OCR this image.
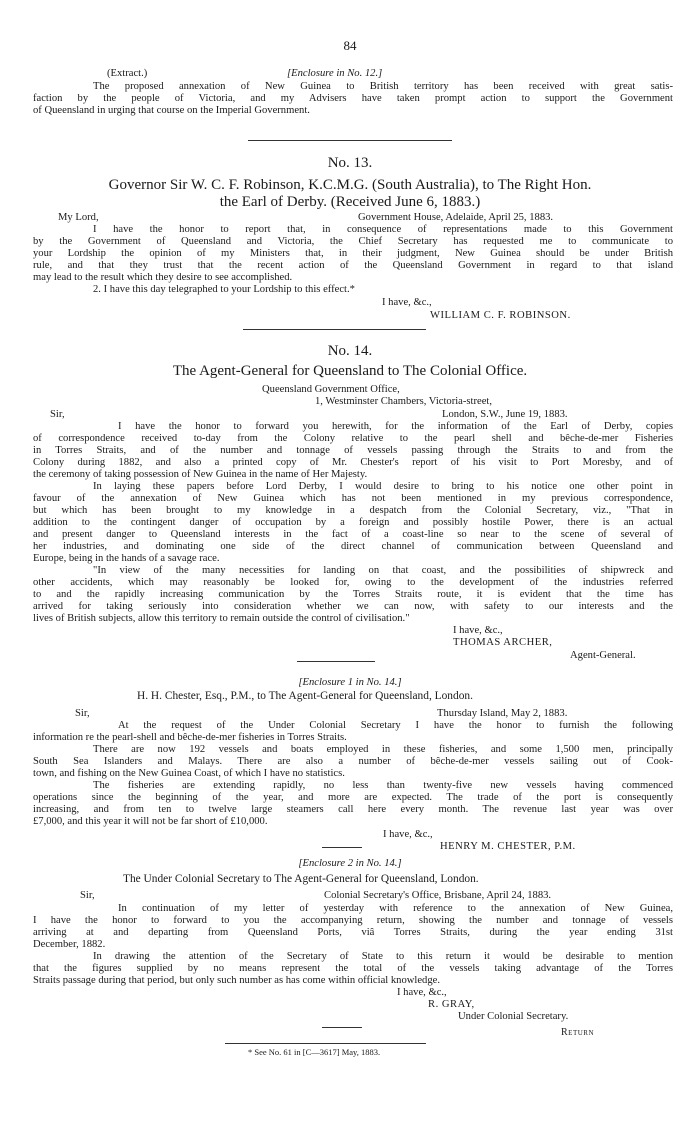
84
(Extract.)	[Enclosure in No. 12.]
The proposed annexation of New Guinea to British territory has been received with great satis-
faction by the people of Victoria, and my Advisers have taken prompt action to support the Government
of Queensland in urging that course on the Imperial Government.
No. 13.
Governor Sir W. C. F. Robinson, K.C.M.G. (South Australia), to The Right Hon.
the Earl of Derby. (Received June 6, 1883.)
My Lord,	Government House, Adelaide, April 25, 1883.
I have the honor to report that, in consequence of representations made to this Government
by the Government of Queensland and Victoria, the Chief Secretary has requested me to communicate to
your Lordship the opinion of my Ministers that, in their judgment, New Guinea should be under British
rule, and that they trust that the recent action of the Queensland Government in regard to that island
may lead to the result which they desire to see accomplished.
2. I have this day telegraphed to your Lordship to this effect.*
I have, &c.,
WILLIAM C. F. ROBINSON.
No. 14.
The Agent-General for Queensland to The Colonial Office.
Queensland Government Office,
1, Westminster Chambers, Victoria-street,
Sir,	London, S.W., June 19, 1883.
I have the honor to forward you herewith, for the information of the Earl of Derby, copies
of correspondence received to-day from the Colony relative to the pearl shell and bêche-de-mer Fisheries
in Torres Straits, and of the number and tonnage of vessels passing through the Straits to and from the
Colony during 1882, and also a printed copy of Mr. Chester's report of his visit to Port Moresby, and of
the ceremony of taking possession of New Guinea in the name of Her Majesty.
In laying these papers before Lord Derby, I would desire to bring to his notice one other point in
favour of the annexation of New Guinea which has not been mentioned in my previous correspondence,
but which has been brought to my knowledge in a despatch from the Colonial Secretary, viz., "That in
addition to the contingent danger of occupation by a foreign and possibly hostile Power, there is an actual
and present danger to Queensland interests in the fact of a coast-line so near to the scene of several of
her industries, and dominating one side of the direct channel of communication between Queensland and
Europe, being in the hands of a savage race.
"In view of the many necessities for landing on that coast, and the possibilities of shipwreck and
other accidents, which may reasonably be looked for, owing to the development of the industries referred
to and the rapidly increasing communication by the Torres Straits route, it is evident that the time has
arrived for taking seriously into consideration whether we can now, with safety to our interests and the
lives of British subjects, allow this territory to remain outside the control of civilisation."
I have, &c.,
THOMAS ARCHER,
Agent-General.
[Enclosure 1 in No. 14.]
H. H. Chester, Esq., P.M., to The Agent-General for Queensland, London.
Sir,	Thursday Island, May 2, 1883.
At the request of the Under Colonial Secretary I have the honor to furnish the following
information re the pearl-shell and bêche-de-mer fisheries in Torres Straits.
There are now 192 vessels and boats employed in these fisheries, and some 1,500 men, principally
South Sea Islanders and Malays. There are also a number of bêche-de-mer vessels sailing out of Cook-
town, and fishing on the New Guinea Coast, of which I have no statistics.
The fisheries are extending rapidly, no less than twenty-five new vessels having commenced
operations since the beginning of the year, and more are expected. The trade of the port is consequently
increasing, and from ten to twelve large steamers call here every month. The revenue last year was over
£7,000, and this year it will not be far short of £10,000.
I have, &c.,
HENRY M. CHESTER, P.M.
[Enclosure 2 in No. 14.]
The Under Colonial Secretary to The Agent-General for Queensland, London.
Sir,	Colonial Secretary's Office, Brisbane, April 24, 1883.
In continuation of my letter of yesterday with reference to the annexation of New Guinea,
I have the honor to forward to you the accompanying return, showing the number and tonnage of vessels
arriving at and departing from Queensland Ports, viâ Torres Straits, during the year ending 31st
December, 1882.
In drawing the attention of the Secretary of State to this return it would be desirable to mention
that the figures supplied by no means represent the total of the vessels taking advantage of the Torres
Straits passage during that period, but only such number as has come within official knowledge.
I have, &c.,
R. GRAY,
Under Colonial Secretary.
Return
* See No. 61 in [C—3617] May, 1883.
